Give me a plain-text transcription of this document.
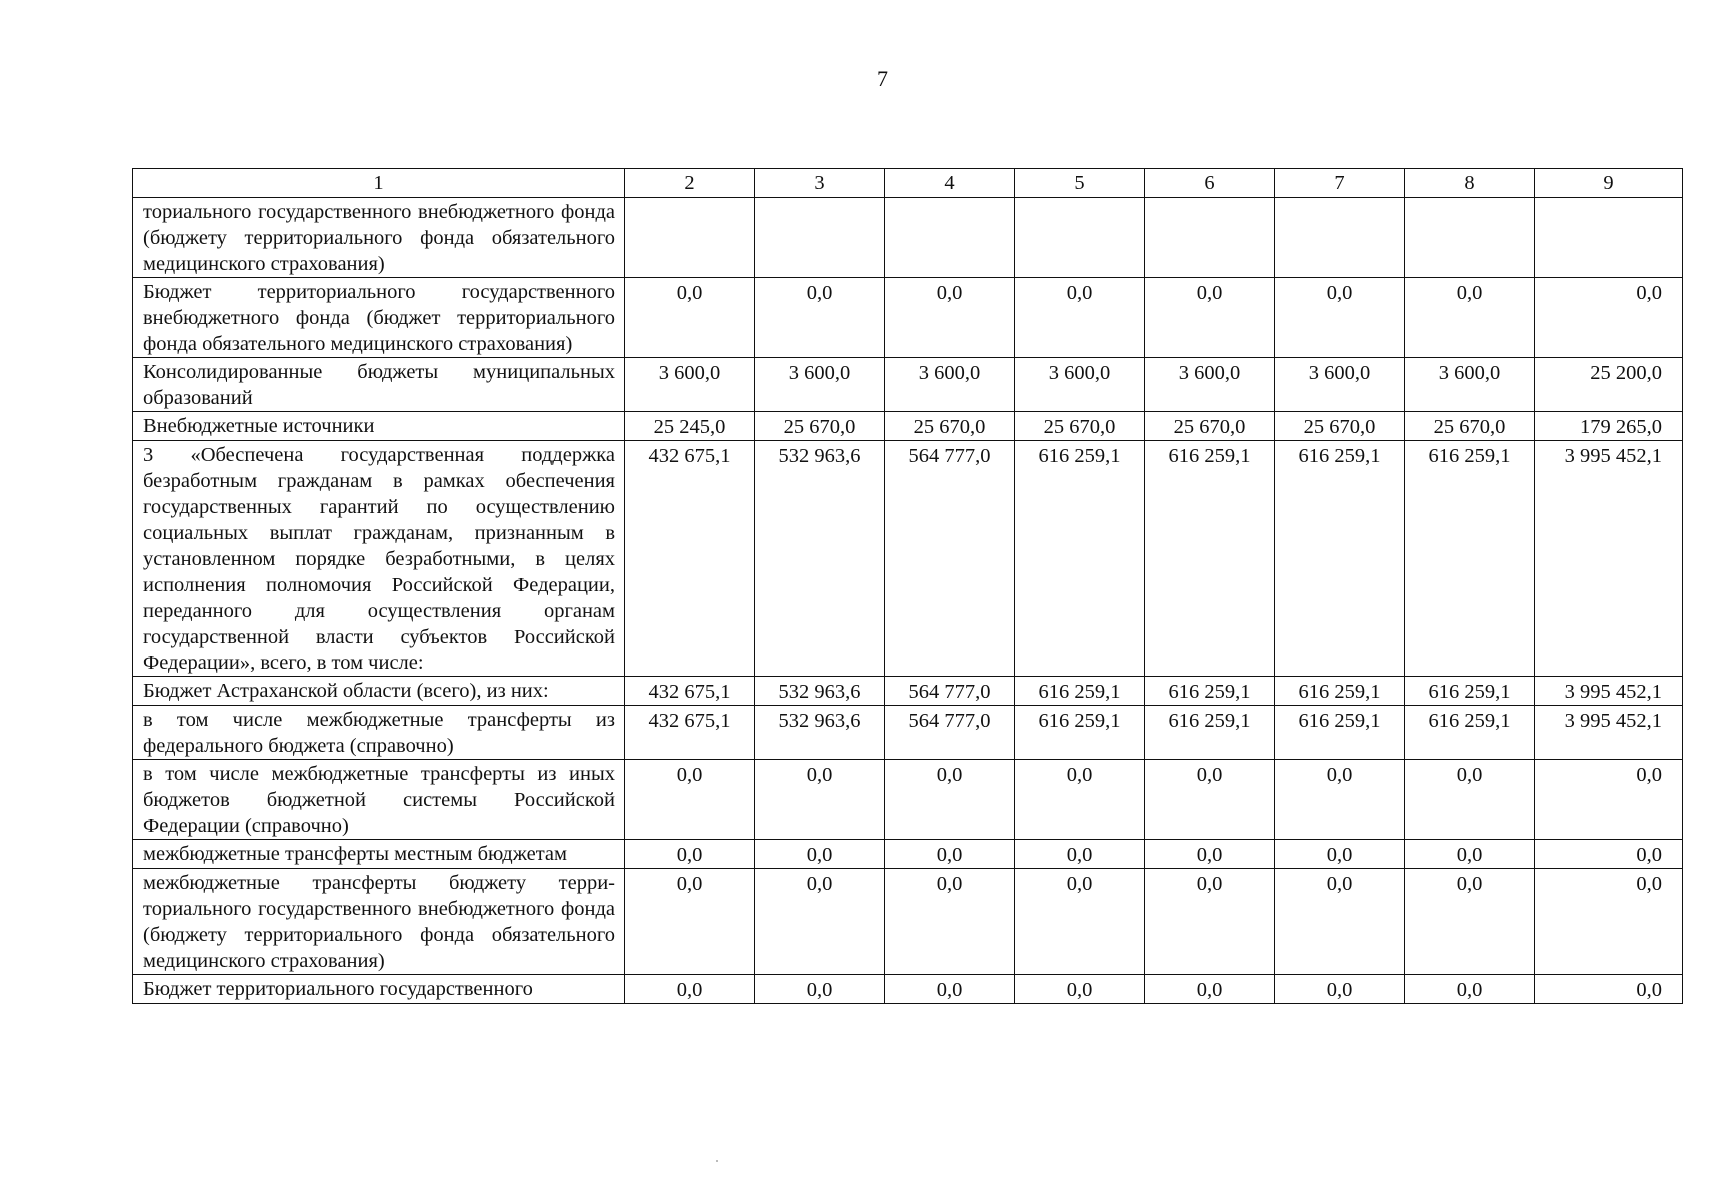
7
1	2	3	4	5	6	7	8	9
ториального государственного внебюджетного фонда (бюджету территориального фонда обязательного медицинского страхования)								
Бюджет территориального государственного внебюджетного фонда (бюджет территориального фонда обязательного медицинского страхования)	0,0	0,0	0,0	0,0	0,0	0,0	0,0	0,0
Консолидированные бюджеты муниципальных образований	3 600,0	3 600,0	3 600,0	3 600,0	3 600,0	3 600,0	3 600,0	25 200,0
Внебюджетные источники	25 245,0	25 670,0	25 670,0	25 670,0	25 670,0	25 670,0	25 670,0	179 265,0
3 «Обеспечена государственная поддержка безработным гражданам в рамках обеспечения государственных гарантий по осуществлению социальных выплат гражданам, признанным в установленном порядке безработными, в целях исполнения полномочия Российской Федерации, переданного для осуществления органам государственной власти субъектов Российской Федерации», всего, в том числе:	432 675,1	532 963,6	564 777,0	616 259,1	616 259,1	616 259,1	616 259,1	3 995 452,1
Бюджет Астраханской области (всего), из них:	432 675,1	532 963,6	564 777,0	616 259,1	616 259,1	616 259,1	616 259,1	3 995 452,1
в том числе межбюджетные трансферты из федерального бюджета (справочно)	432 675,1	532 963,6	564 777,0	616 259,1	616 259,1	616 259,1	616 259,1	3 995 452,1
в том числе межбюджетные трансферты из иных бюджетов бюджетной системы Российской Федерации (справочно)	0,0	0,0	0,0	0,0	0,0	0,0	0,0	0,0
межбюджетные трансферты местным бюджетам	0,0	0,0	0,0	0,0	0,0	0,0	0,0	0,0
межбюджетные трансферты бюджету территориального государственного внебюджетного фонда (бюджету территориального фонда обязательного медицинского страхования)	0,0	0,0	0,0	0,0	0,0	0,0	0,0	0,0
Бюджет территориального государственного	0,0	0,0	0,0	0,0	0,0	0,0	0,0	0,0
